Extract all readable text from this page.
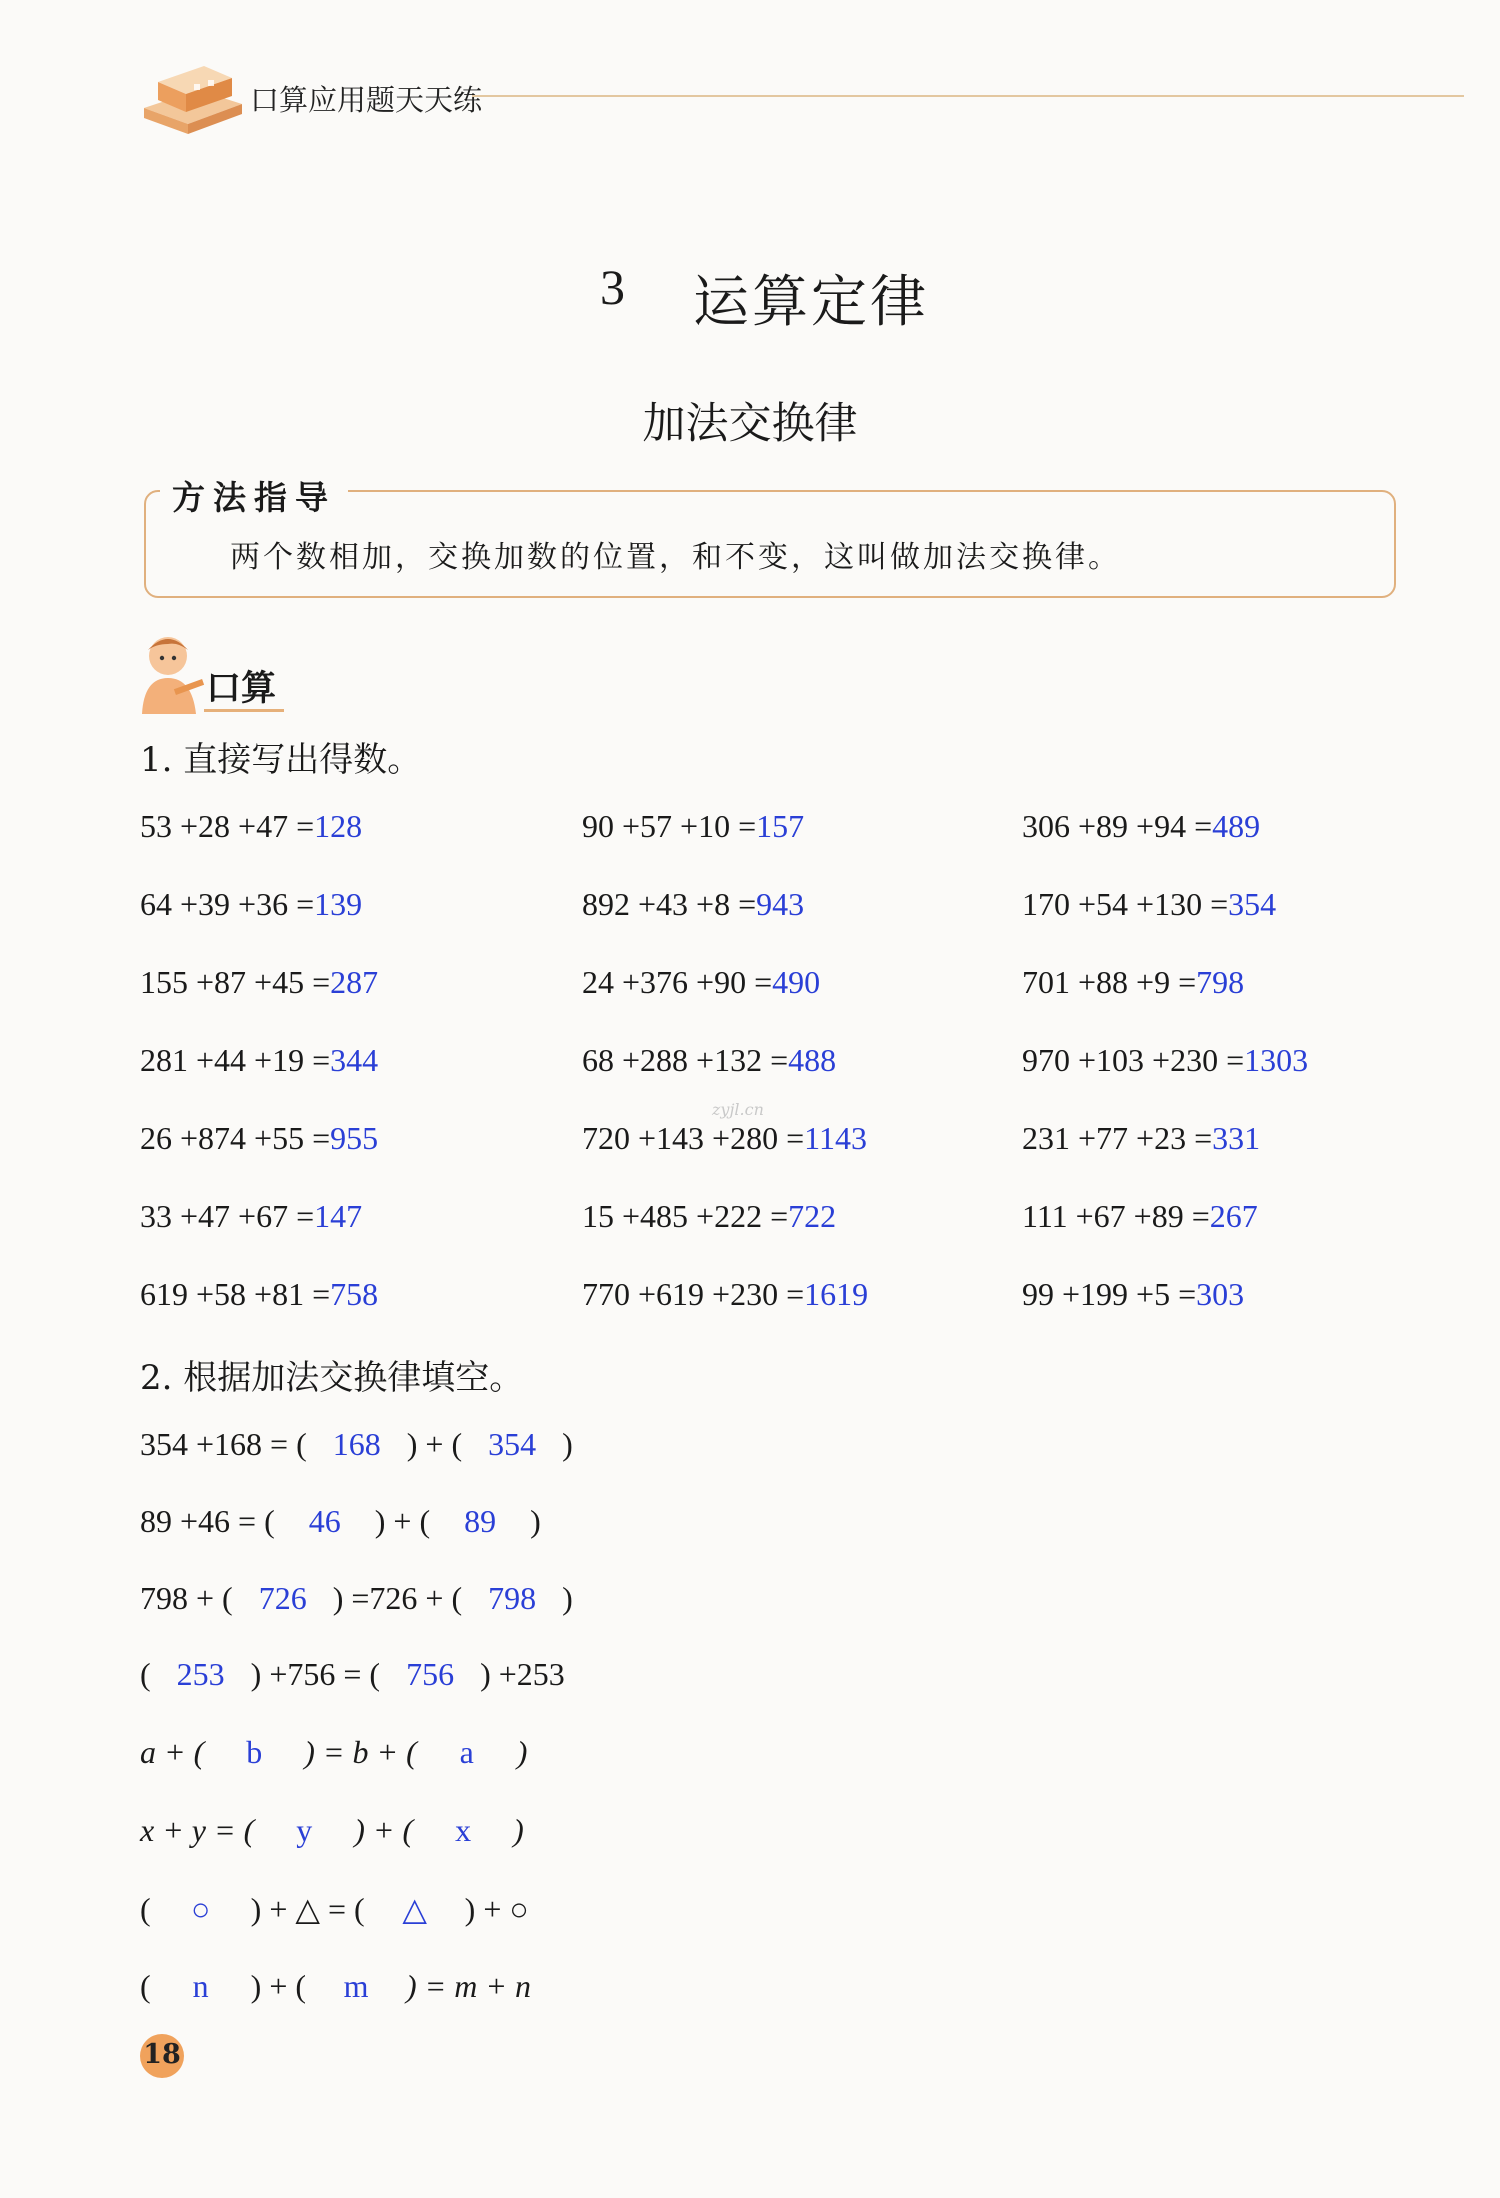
口算应用题天天练
3 运算定律
加法交换律
方法指导
两个数相加，交换加数的位置，和不变，这叫做加法交换律。
口算
1. 直接写出得数。
53 +28 +47 =128
64 +39 +36 =139
155 +87 +45 =287
281 +44 +19 =344
26 +874 +55 =955
33 +47 +67 =147
619 +58 +81 =758
90 +57 +10 =157
892 +43 +8 =943
24 +376 +90 =490
68 +288 +132 =488
720 +143 +280 =1143
15 +485 +222 =722
770 +619 +230 =1619
306 +89 +94 =489
170 +54 +130 =354
701 +88 +9 =798
970 +103 +230 =1303
231 +77 +23 =331
111 +67 +89 =267
99 +199 +5 =303
zyjl.cn
2. 根据加法交换律填空。
354 +168 = ( 168 ) + ( 354 )
89 +46 = ( 46 ) + ( 89 )
798 + ( 726 ) =726 + ( 798 )
( 253 ) +756 = ( 756 ) +253
a + ( b ) = b + ( a )
x + y = ( y ) + ( x )
( ○ ) + △ = ( △ ) + ○
( n ) + ( m ) = m + n
18
